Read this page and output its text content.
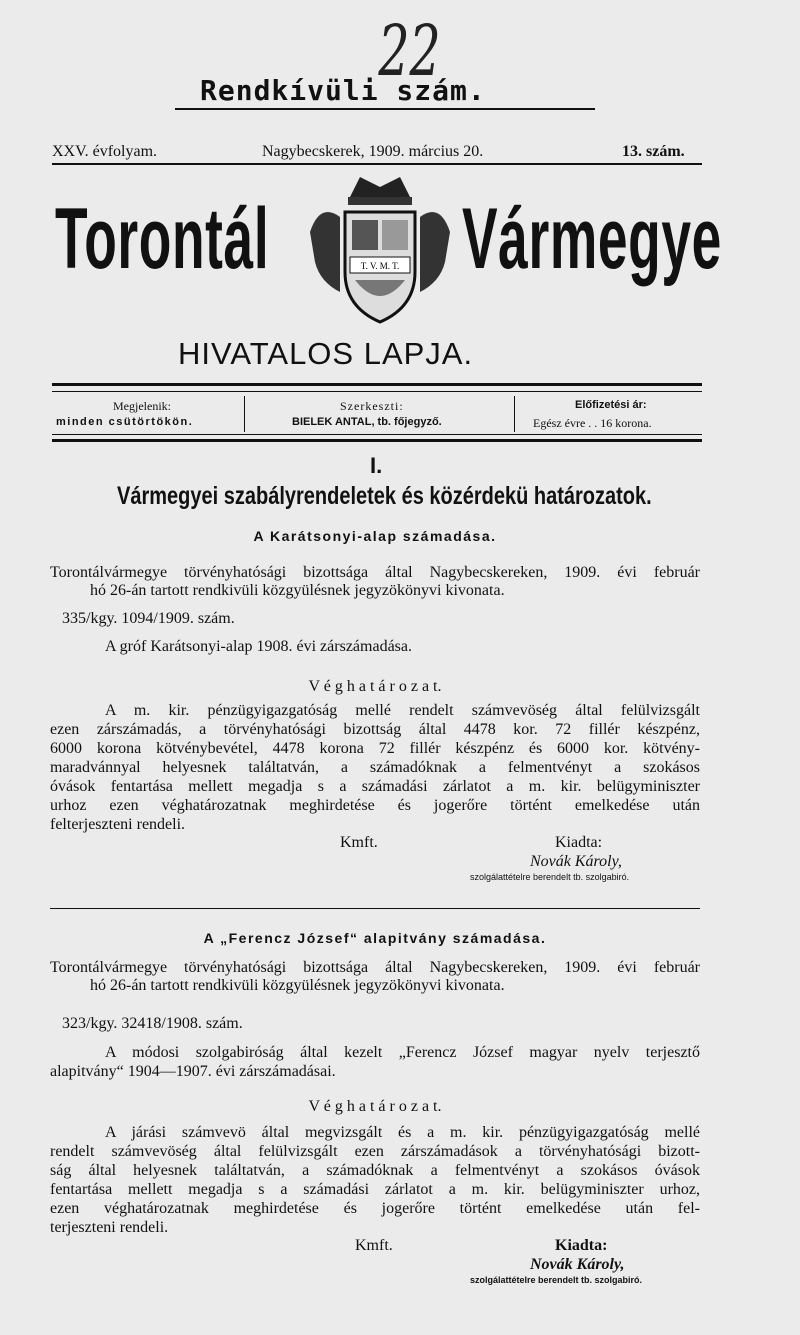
22
Rendkívüli szám.
XXV. évfolyam.	Nagybecskerek, 1909. március 20.	13. szám.
Torontál	T. V. M. T. Vármegye
HIVATALOS LAPJA.
Megjelenik:
minden csütörtökön.
Szerkeszti:
BIELEK ANTAL, tb. főjegyző.
Előfizetési ár:
Egész évre . . 16 korona.
I.
Vármegyei szabályrendeletek és közérdekü határozatok.
A Karátsonyi-alap számadása.
Torontálvármegye törvényhatósági bizottsága által Nagybecskereken, 1909. évi február
hó 26-án tartott rendkivüli közgyülésnek jegyzökönyvi kivonata.
335/kgy. 1094/1909. szám.
A gróf Karátsonyi-alap 1908. évi zárszámadása.
V é g h a t á r o z a t.
A m. kir. pénzügyigazgatóság mellé rendelt számvevöség által felülvizsgált
ezen zárszámadás, a törvényhatósági bizottság által 4478 kor. 72 fillér készpénz,
6000 korona kötvénybevétel, 4478 korona 72 fillér készpénz és 6000 kor. kötvény-
maradvánnyal helyesnek találtatván, a számadóknak a felmentvényt a szokásos
óvások fentartása mellett megadja s a számadási zárlatot a m. kir. belügyminiszter
urhoz ezen véghatározatnak meghirdetése és jogerőre történt emelkedése után
felterjeszteni rendeli.
Kmft.	Kiadta:
Novák Károly,
szolgálattételre berendelt tb. szolgabiró.
A „Ferencz József“ alapitvány számadása.
Torontálvármegye törvényhatósági bizottsága által Nagybecskereken, 1909. évi február
hó 26-án tartott rendkivüli közgyülésnek jegyzökönyvi kivonata.
323/kgy. 32418/1908. szám.
A módosi szolgabiróság által kezelt „Ferencz József magyar nyelv terjesztő
alapitvány“ 1904—1907. évi zárszámadásai.
V é g h a t á r o z a t.
A járási számvevö által megvizsgált és a m. kir. pénzügyigazgatóság mellé
rendelt számvevöség által felülvizsgált ezen zárszámadások a törvényhatósági bizott-
ság által helyesnek találtatván, a számadóknak a felmentvényt a szokásos óvások
fentartása mellett megadja s a számadási zárlatot a m. kir. belügyminiszter urhoz,
ezen véghatározatnak meghirdetése és jogerőre történt emelkedése után fel-
terjeszteni rendeli.
Kmft.	Kiadta:
Novák Károly,
szolgálattételre berendelt tb. szolgabiró.
